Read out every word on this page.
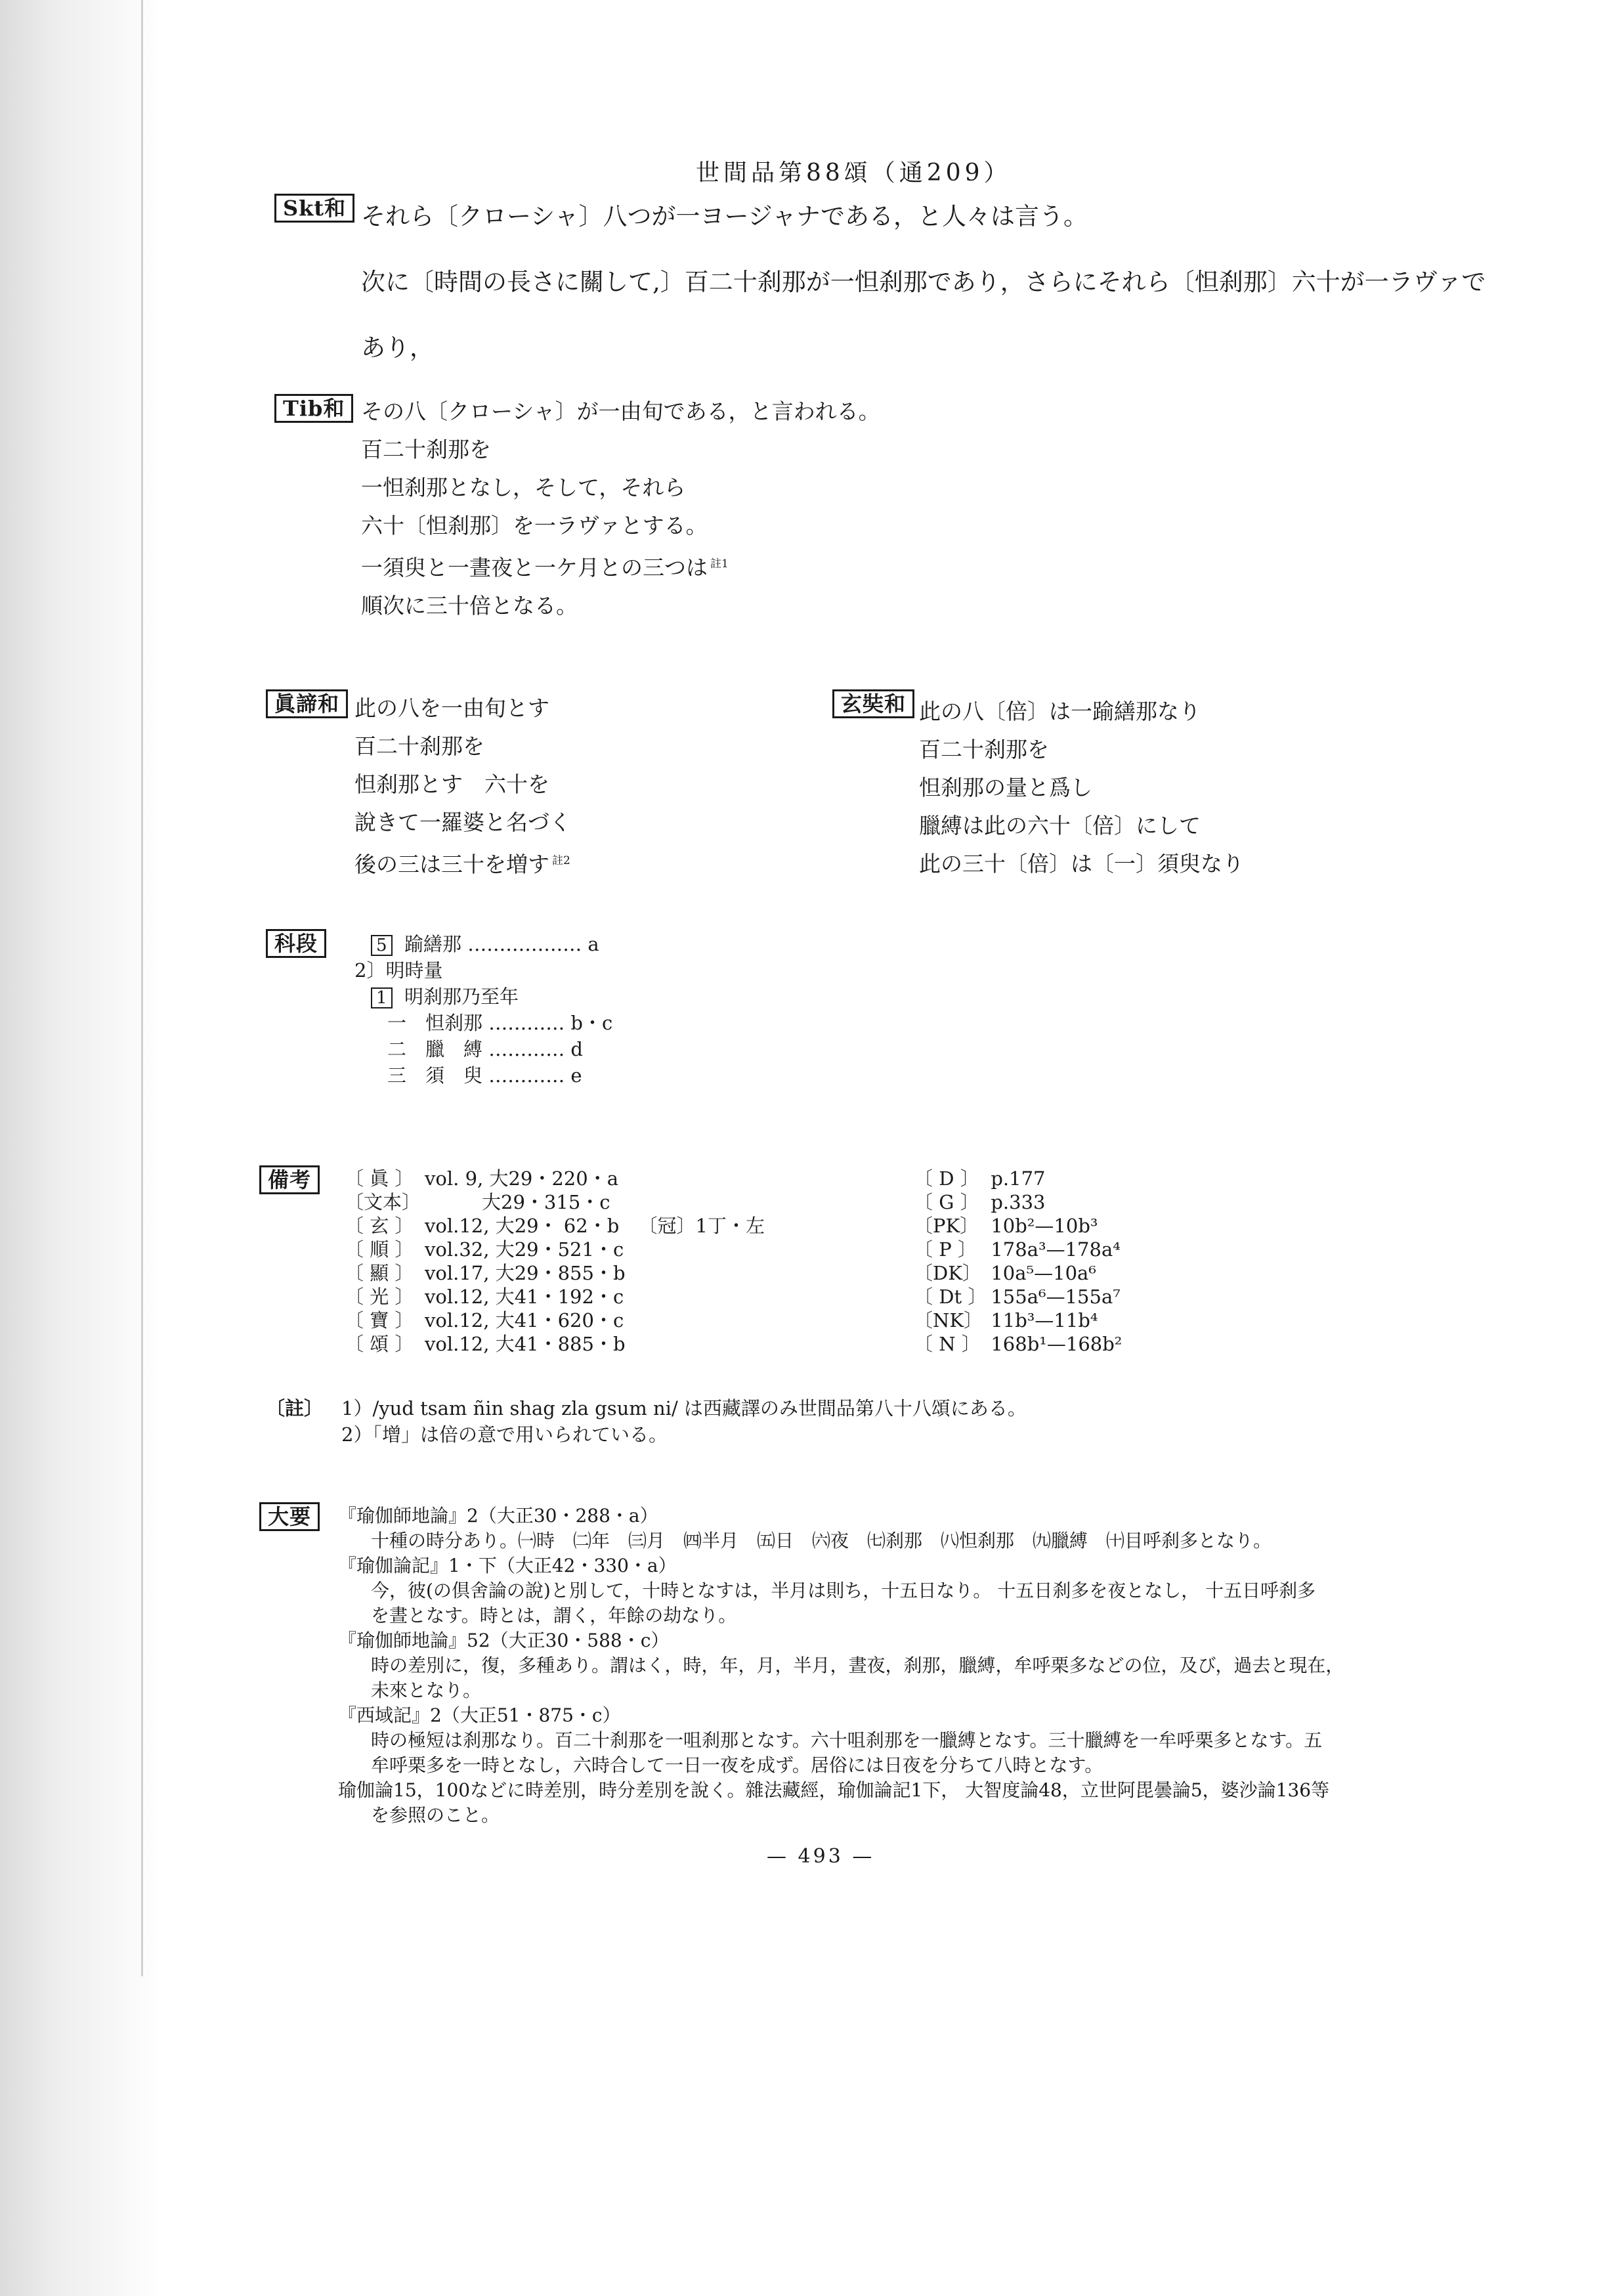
世間品第88頌（通209）
Skt和 それら〔クローシャ〕八つが一ヨージャナである，と人々は言う。
次に〔時間の長さに關して,〕百二十刹那が一怛刹那であり，さらにそれら〔怛刹那〕六十が一ラヴァで
あり，
Tib和 その八〔クローシャ〕が一由旬である，と言われる。
百二十刹那を
一怛刹那となし，そして，それら
六十〔怛刹那〕を一ラヴァとする。
一須臾と一晝夜と一ケ月との三つは $^{註1}$
順次に三十倍となる。
眞諦和 此の八を一由旬とす
百二十刹那を
怛刹那とす　六十を
說きて一羅婆と名づく
後の三は三十を増す $^{註2}$
玄奘和 此の八〔倍〕は一踰繕那なり
百二十刹那を
怛刹那の量と爲し
臘縛は此の六十〔倍〕にして
此の三十〔倍〕は〔一〕須臾なり
科段	5 踰繕那 ……………… a
2〕明時量
1 明刹那乃至年
一　怛刹那 ………… b・c
二　臘　縛 ………… d
三　須　臾 ………… e
備考	〔 眞 〕	vol. 9, 大29・220・a	
〔文本〕	　　　大29・315・c	
〔 玄 〕	vol.12, 大29・ 62・b	〔冠〕1丁・左
〔 順 〕	vol.32, 大29・521・c	
〔 顯 〕	vol.17, 大29・855・b	
〔 光 〕	vol.12, 大41・192・c	
〔 寶 〕	vol.12, 大41・620・c	
〔 頌 〕	vol.12, 大41・885・b	
〔 D 〕	p.177
〔 G 〕	p.333
〔PK〕	10b²—10b³
〔 P 〕	178a³—178a⁴
〔DK〕	10a⁵—10a⁶
〔 Dt 〕	155a⁶—155a⁷
〔NK〕	11b³—11b⁴
〔 N 〕	168b¹—168b²
〔註〕 1）/yud tsam ñin shag zla gsum ni/ は西藏譯のみ世間品第八十八頌にある。
2）「增」は倍の意で用いられている。
大要	『瑜伽師地論』2（大正30・288・a）
十種の時分あり。㈠時　㈡年　㈢月　㈣半月　㈤日　㈥夜　㈦刹那　㈧怛刹那　㈨臘縛　㈩目呼刹多となり。
『瑜伽論記』1・下（大正42・330・a）
今，彼(の倶舍論の說)と別して，十時となすは，半月は則ち，十五日なり。 十五日刹多を夜となし， 十五日呼刹多
を晝となす。時とは，謂く，年餘の劫なり。
『瑜伽師地論』52（大正30・588・c）
時の差別に，復，多種あり。謂はく，時，年，月，半月，晝夜，刹那，臘縛，牟呼栗多などの位，及び，過去と現在，
未來となり。
『西域記』2（大正51・875・c）
時の極短は刹那なり。百二十刹那を一咀刹那となす。六十咀刹那を一臘縛となす。三十臘縛を一牟呼栗多となす。五
牟呼栗多を一時となし，六時合して一日一夜を成ず。居俗には日夜を分ちて八時となす。
瑜伽論15，100などに時差別，時分差別を說く。雜法藏經，瑜伽論記1下， 大智度論48，立世阿毘曇論5，婆沙論136等
を参照のこと。
— 493 —
